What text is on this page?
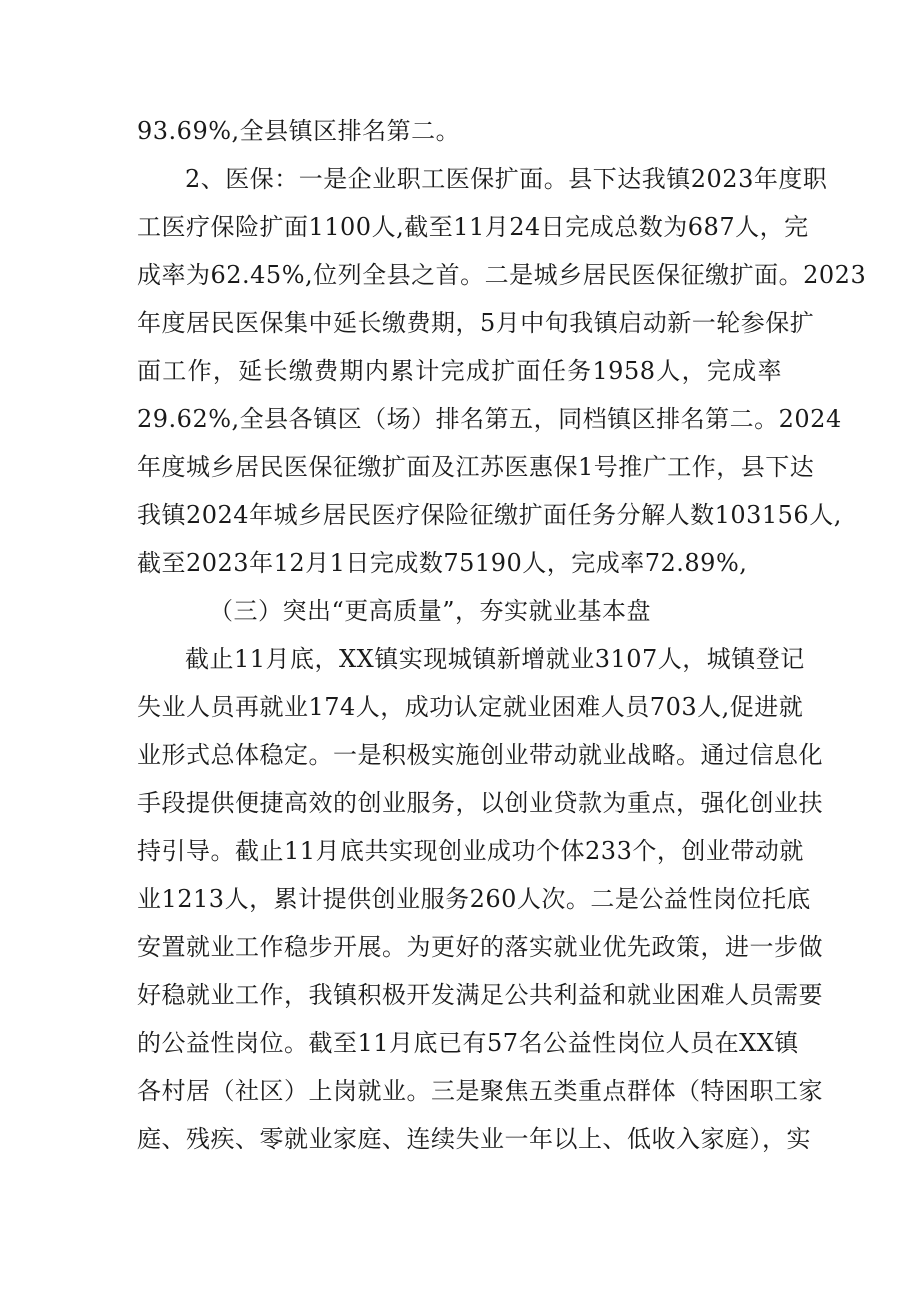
93.69%,全县镇区排名第二。
2、医保：一是企业职工医保扩面。县下达我镇2023年度职
工医疗保险扩面1100人,截至11月24日完成总数为687人，完
成率为62.45%,位列全县之首。二是城乡居民医保征缴扩面。2023
年度居民医保集中延长缴费期，5月中旬我镇启动新一轮参保扩
面工作，延长缴费期内累计完成扩面任务1958人，完成率
29.62%,全县各镇区（场）排名第五，同档镇区排名第二。2024
年度城乡居民医保征缴扩面及江苏医惠保1号推广工作，县下达
我镇2024年城乡居民医疗保险征缴扩面任务分解人数103156人,
截至2023年12月1日完成数75190人，完成率72.89%,
（三）突出“更高质量”，夯实就业基本盘
截止11月底，XX镇实现城镇新增就业3107人，城镇登记
失业人员再就业174人，成功认定就业困难人员703人,促进就
业形式总体稳定。一是积极实施创业带动就业战略。通过信息化
手段提供便捷高效的创业服务，以创业贷款为重点，强化创业扶
持引导。截止11月底共实现创业成功个体233个，创业带动就
业1213人，累计提供创业服务260人次。二是公益性岗位托底
安置就业工作稳步开展。为更好的落实就业优先政策，进一步做
好稳就业工作，我镇积极开发满足公共利益和就业困难人员需要
的公益性岗位。截至11月底已有57名公益性岗位人员在XX镇
各村居（社区）上岗就业。三是聚焦五类重点群体（特困职工家
庭、残疾、零就业家庭、连续失业一年以上、低收入家庭），实
